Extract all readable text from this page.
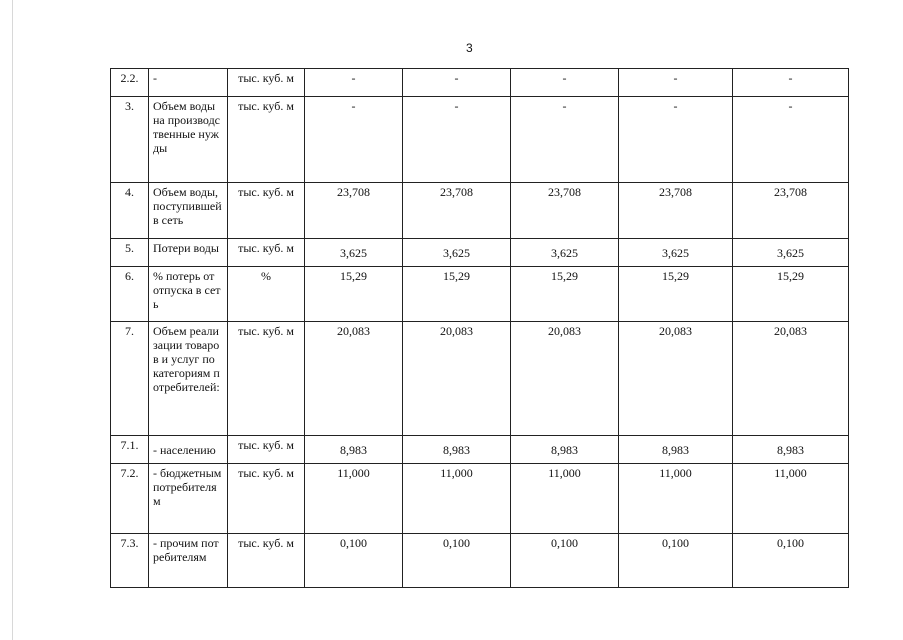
3
2.2.	-	тыс. куб. м	-	-	-	-	-
3.	Объем воды на производственные нужды	тыс. куб. м	-	-	-	-	-
4.	Объем воды, поступившей в сеть	тыс. куб. м	23,708	23,708	23,708	23,708	23,708
5.	Потери воды	тыс. куб. м	3,625	3,625	3,625	3,625	3,625
6.	% потерь от отпуска в сеть	%	15,29	15,29	15,29	15,29	15,29
7.	Объем реализации товаров и услуг по категориям потребителей:	тыс. куб. м	20,083	20,083	20,083	20,083	20,083
7.1.	- населению	тыс. куб. м	8,983	8,983	8,983	8,983	8,983
7.2.	- бюджетным потребителям	тыс. куб. м	11,000	11,000	11,000	11,000	11,000
7.3.	- прочим потребителям	тыс. куб. м	0,100	0,100	0,100	0,100	0,100
